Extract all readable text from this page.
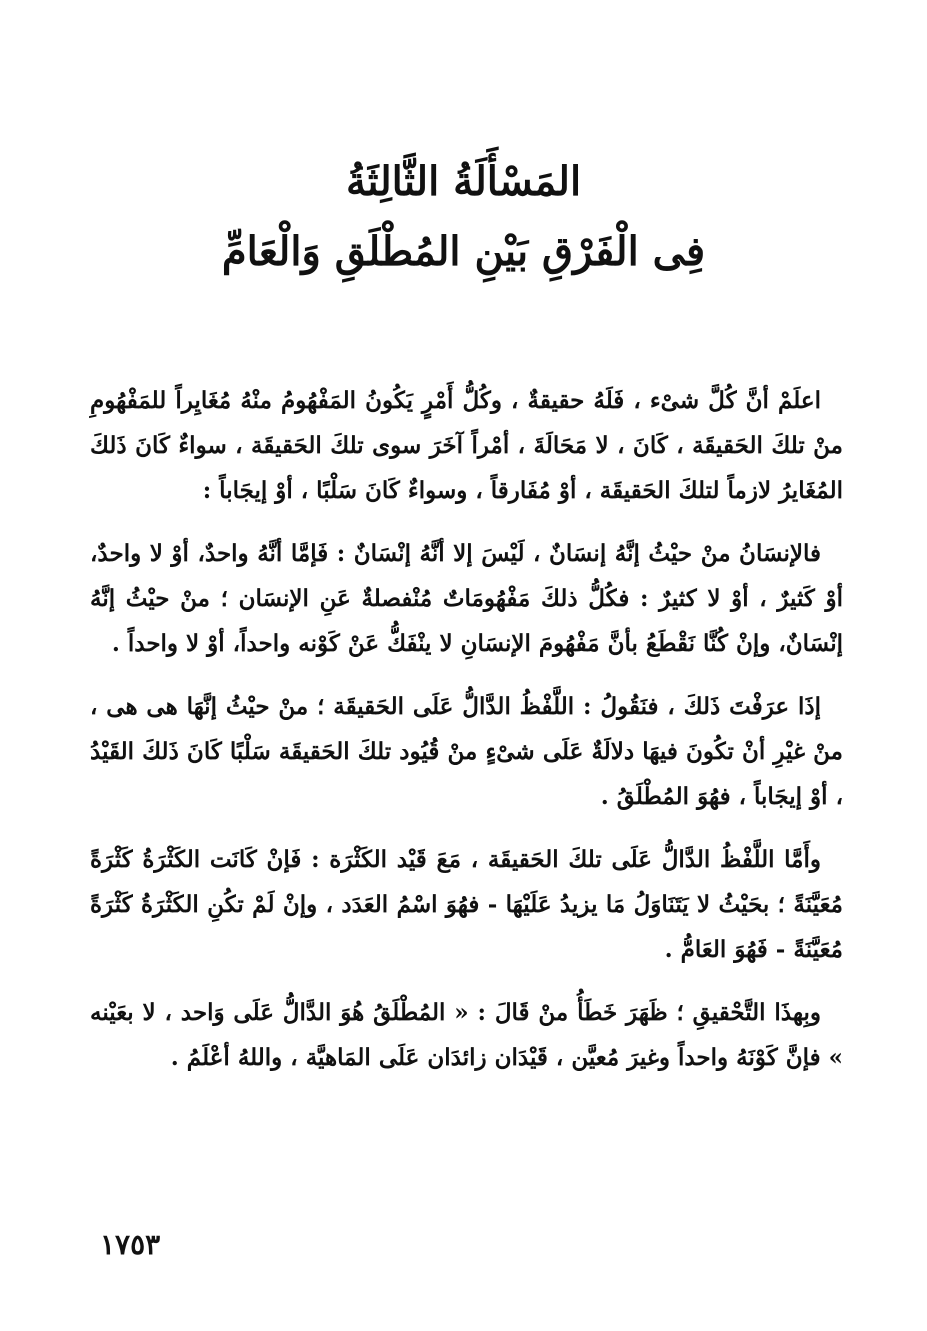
المَسْأَلَةُ الثَّالِثَةُ
فِى الْفَرْقِ بَيْنِ المُطْلَقِ وَالْعَامِّ

اعلَمْ أنَّ كُلَّ شىْء ، فَلَهُ حقيقةٌ ، وكُلُّ أَمْرٍ يَكُونُ المَفْهُومُ منْهُ مُغَايِراً للمَفْهُومِ منْ تلكَ الحَقيقَة ، كَانَ ، لا مَحَالَةَ ، أمْراً آخَرَ سوى تلكَ الحَقيقَة ، سواءٌ كَانَ ذَلكَ المُغَايرُ لازماً لتلكَ الحَقيقَة ، أوْ مُفَارقاً ، وسواءٌ كَانَ سَلْبًا ، أوْ إيجَاباً :

فالإنسَانُ منْ حيْثُ إنَّهُ إنسَانٌ ، لَيْسَ إلا أنَّهُ إنْسَانٌ : فَإمَّا أنَّهُ واحدٌ، أوْ لا واحدٌ، أوْ كَثيرٌ ، أوْ لا كثيرٌ : فكُلُّ ذلكَ مَفْهُومَاتٌ مُنْفصلةٌ عَنِ الإنسَان ؛ منْ حيْثُ إنَّهُ إنْسَانٌ، وإنْ كُنَّا نَقْطَعُ بأنَّ مَفْهُومَ الإنسَانِ لا ينْفَكُّ عَنْ كَوْنه واحداً، أوْ لا واحداً .

إذَا عرَفْتَ ذَلكَ ، فنَقُولُ : اللَّفْظُ الدَّالُّ عَلَى الحَقيقَة ؛ منْ حيْثُ إنَّهَا هى هى ، منْ غيْرِ أنْ تكُونَ فيهَا دلالَةٌ عَلَى شىْءٍ منْ قُيُود تلكَ الحَقيقَة سَلْبًا كَانَ ذَلكَ القَيْدُ ، أوْ إيجَاباً ، فهُوَ المُطْلَقُ .

وأَمَّا اللَّفْظُ الدَّالُّ عَلَى تلكَ الحَقيقَة ، مَعَ قَيْد الكَثْرَة : فَإنْ كَانَت الكَثْرَةُ كَثْرَةً مُعَيَّنَةً ؛ بحَيْثُ لا يَتَنَاوَلُ مَا يزيدُ عَلَيْهَا - فهُوَ اسْمُ العَدَد ، وإنْ لَمْ تكُنِ الكَثْرَةُ كَثْرَةً مُعَيَّنَةً - فَهُوَ العَامُّ .

وبِهذَا التَّحْقيقِ ؛ ظَهَرَ خَطَأُ منْ قَالَ : « المُطْلَقُ هُوَ الدَّالُّ عَلَى وَاحد ، لا بعَيْنه » فإنَّ كَوْنَهُ واحداً وغيرَ مُعيَّن ، قَيْدَان زائدَان عَلَى المَاهيَّة ، واللهُ أعْلَمُ .

١٧٥٣
